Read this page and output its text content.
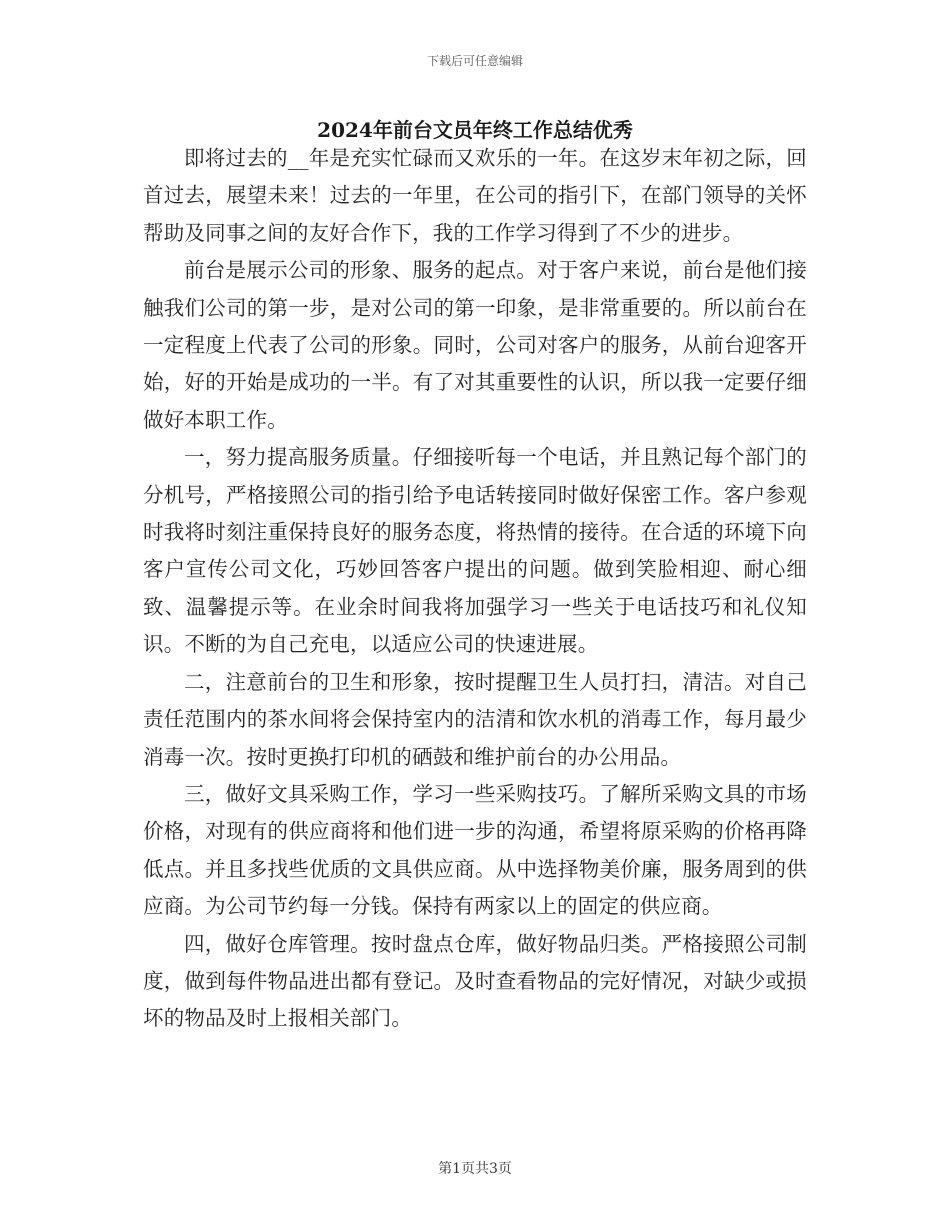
下载后可任意编辑
2024年前台文员年终工作总结优秀

即将过去的__年是充实忙碌而又欢乐的一年。在这岁末年初之际，回首过去，展望未来！过去的一年里，在公司的指引下，在部门领导的关怀帮助及同事之间的友好合作下，我的工作学习得到了不少的进步。

前台是展示公司的形象、服务的起点。对于客户来说，前台是他们接触我们公司的第一步，是对公司的第一印象，是非常重要的。所以前台在一定程度上代表了公司的形象。同时，公司对客户的服务，从前台迎客开始，好的开始是成功的一半。有了对其重要性的认识，所以我一定要仔细做好本职工作。

一，努力提高服务质量。仔细接听每一个电话，并且熟记每个部门的分机号，严格接照公司的指引给予电话转接同时做好保密工作。客户参观时我将时刻注重保持良好的服务态度，将热情的接待。在合适的环境下向客户宣传公司文化，巧妙回答客户提出的问题。做到笑脸相迎、耐心细致、温馨提示等。在业余时间我将加强学习一些关于电话技巧和礼仪知识。不断的为自己充电，以适应公司的快速进展。

二，注意前台的卫生和形象，按时提醒卫生人员打扫，清洁。对自己责任范围内的茶水间将会保持室内的洁清和饮水机的消毒工作，每月最少消毒一次。按时更换打印机的硒鼓和维护前台的办公用品。

三，做好文具采购工作，学习一些采购技巧。了解所采购文具的市场价格，对现有的供应商将和他们进一步的沟通，希望将原采购的价格再降低点。并且多找些优质的文具供应商。从中选择物美价廉，服务周到的供应商。为公司节约每一分钱。保持有两家以上的固定的供应商。

四，做好仓库管理。按时盘点仓库，做好物品归类。严格接照公司制度，做到每件物品进出都有登记。及时查看物品的完好情况，对缺少或损坏的物品及时上报相关部门。

第1页共3页
